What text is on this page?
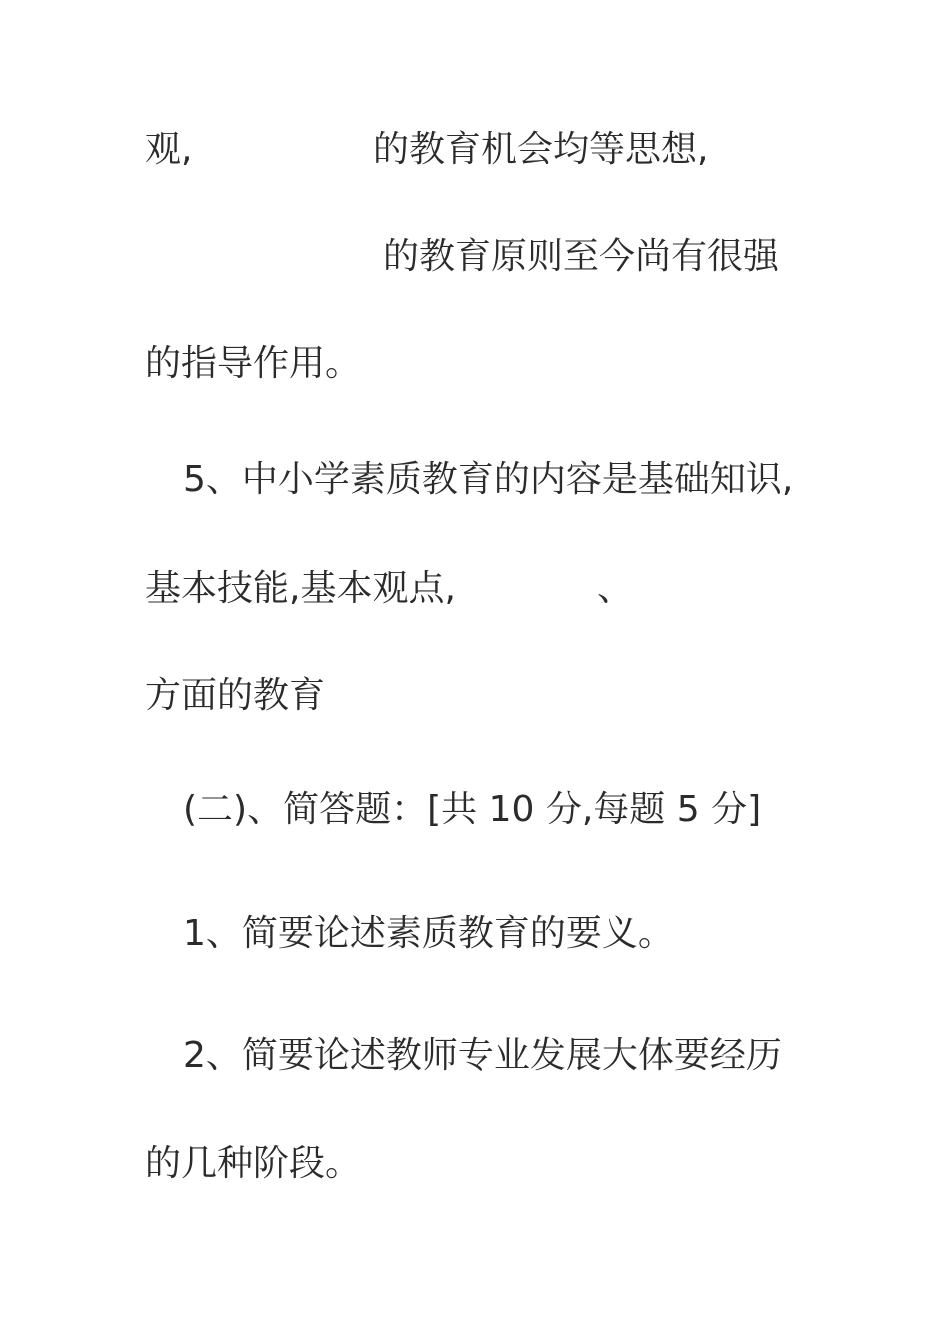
观,

	的教育机会均等思想,

的教育原则至今尚有很强

的指导作用。

5、中小学素质教育的内容是基础知识,

基本技能,基本观点,

	、

方面的教育

(二)、简答题：[共 10 分,每题 5 分]

1、简要论述素质教育的要义。

2、简要论述教师专业发展大体要经历

的几种阶段。
